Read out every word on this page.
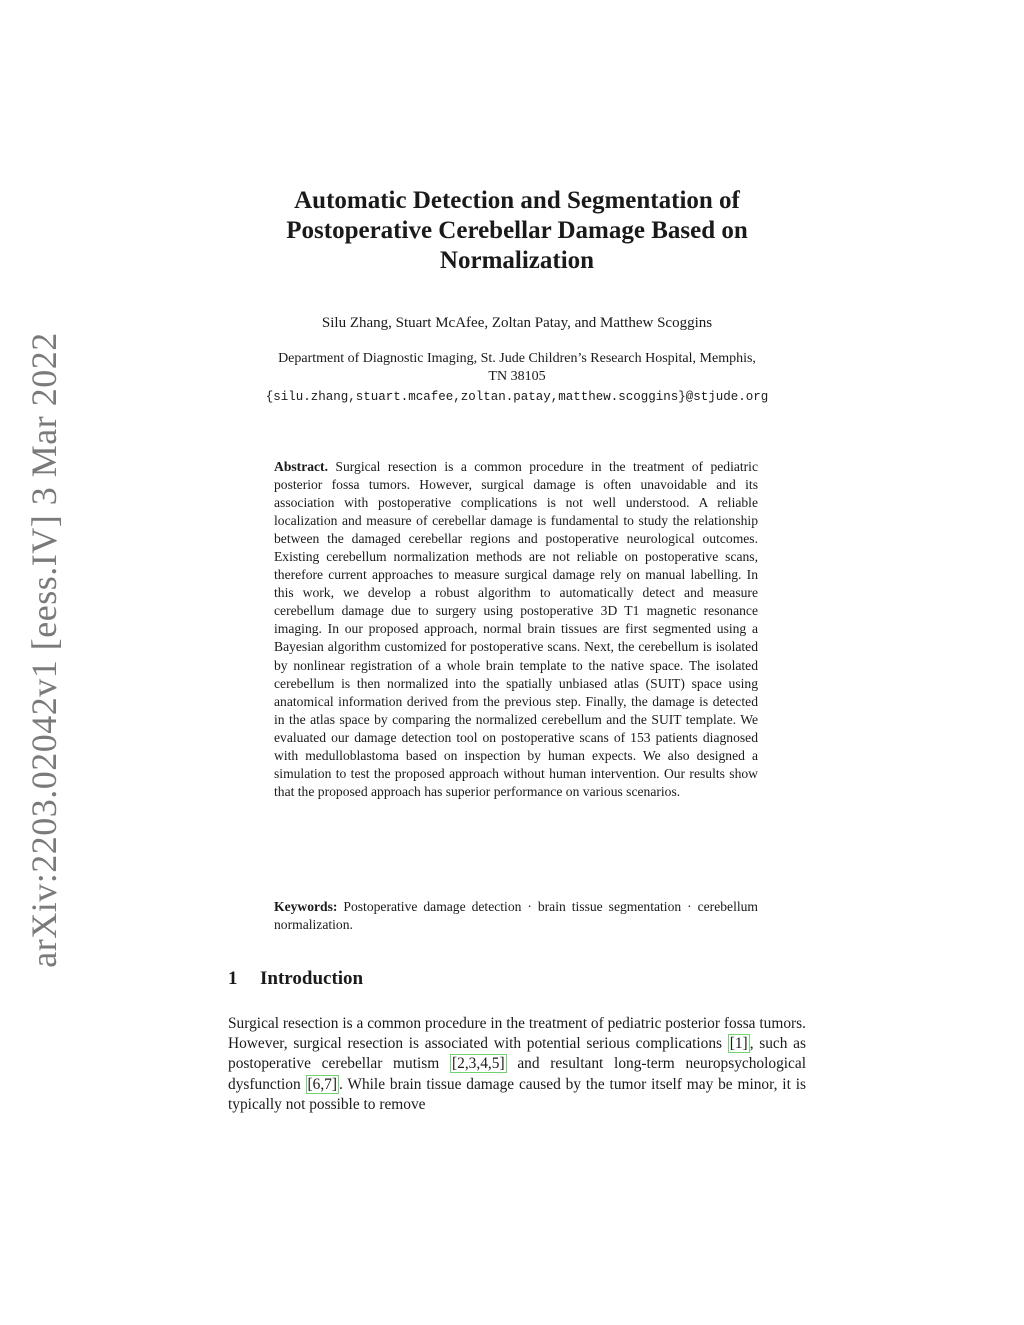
arXiv:2203.02042v1 [eess.IV] 3 Mar 2022
Automatic Detection and Segmentation of
Postoperative Cerebellar Damage Based on
Normalization
Silu Zhang, Stuart McAfee, Zoltan Patay, and Matthew Scoggins
Department of Diagnostic Imaging, St. Jude Children’s Research Hospital, Memphis,
TN 38105
{silu.zhang,stuart.mcafee,zoltan.patay,matthew.scoggins}@stjude.org
Abstract. Surgical resection is a common procedure in the treatment of pediatric posterior fossa tumors. However, surgical damage is often unavoidable and its association with postoperative complications is not well understood. A reliable localization and measure of cerebellar damage is fundamental to study the relationship between the damaged cerebellar regions and postoperative neurological outcomes. Existing cerebellum normalization methods are not reliable on postoperative scans, therefore current approaches to measure surgical damage rely on manual labelling. In this work, we develop a robust algorithm to automatically detect and measure cerebellum damage due to surgery using postoperative 3D T1 magnetic resonance imaging. In our proposed approach, normal brain tissues are first segmented using a Bayesian algorithm customized for postoperative scans. Next, the cerebellum is isolated by nonlinear registration of a whole brain template to the native space. The isolated cerebellum is then normalized into the spatially unbiased atlas (SUIT) space using anatomical information derived from the previous step. Finally, the damage is detected in the atlas space by comparing the normalized cerebellum and the SUIT template. We evaluated our damage detection tool on postoperative scans of 153 patients diagnosed with medulloblastoma based on inspection by human expects. We also designed a simulation to test the proposed approach without human intervention. Our results show that the proposed approach has superior performance on various scenarios.
Keywords: Postoperative damage detection · brain tissue segmentation · cerebellum normalization.
1 Introduction
Surgical resection is a common procedure in the treatment of pediatric posterior fossa tumors. However, surgical resection is associated with potential serious complications [1] , such as postoperative cerebellar mutism [2,3,4,5] and resultant long-term neuropsychological dysfunction [6,7] . While brain tissue damage caused by the tumor itself may be minor, it is typically not possible to remove
